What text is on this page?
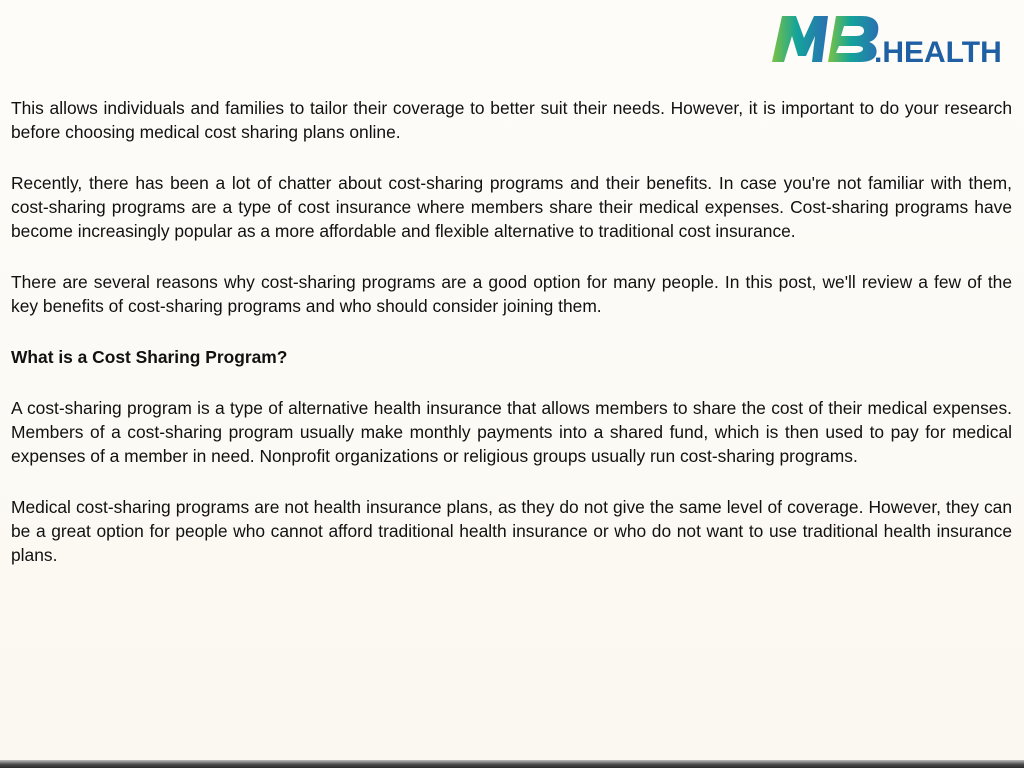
.HEALTH

This allows individuals and families to tailor their coverage to better suit their needs. However, it is important to do your research before choosing medical cost sharing plans online.

Recently, there has been a lot of chatter about cost-sharing programs and their benefits. In case you're not familiar with them, cost-sharing programs are a type of cost insurance where members share their medical expenses. Cost-sharing programs have become increasingly popular as a more affordable and flexible alternative to traditional cost insurance.

There are several reasons why cost-sharing programs are a good option for many people. In this post, we'll review a few of the key benefits of cost-sharing programs and who should consider joining them.

What is a Cost Sharing Program?

A cost-sharing program is a type of alternative health insurance that allows members to share the cost of their medical expenses. Members of a cost-sharing program usually make monthly payments into a shared fund, which is then used to pay for medical expenses of a member in need. Nonprofit organizations or religious groups usually run cost-sharing programs.

Medical cost-sharing programs are not health insurance plans, as they do not give the same level of coverage. However, they can be a great option for people who cannot afford traditional health insurance or who do not want to use traditional health insurance plans.
